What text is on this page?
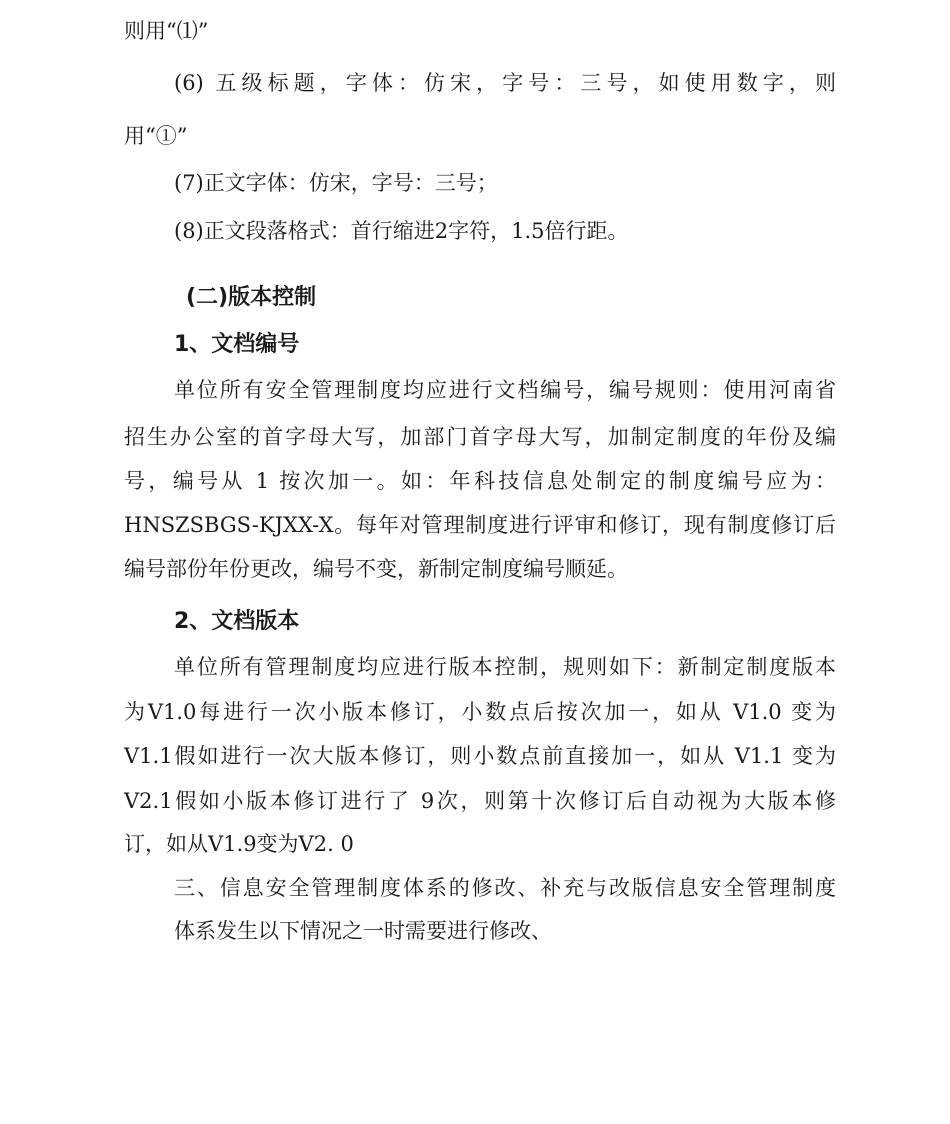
则用“⑴”
(6) 五级标题，字体：仿宋，字号：三号，如使用数字，则
用“①”
(7)正文字体：仿宋，字号：三号；
(8)正文段落格式：首行缩进2字符，1.5倍行距。
(二)版本控制
1、文档编号
单位所有安全管理制度均应进行文档编号，编号规则：使用河南省
招生办公室的首字母大写，加部门首字母大写，加制定制度的年份及编
号，编号从 1 按次加一。如：年科技信息处制定的制度编号应为：
HNSZSBGS-KJXX-X。每年对管理制度进行评审和修订，现有制度修订后
编号部份年份更改，编号不变，新制定制度编号顺延。
2、文档版本
单位所有管理制度均应进行版本控制，规则如下：新制定制度版本
为V1.0每进行一次小版本修订，小数点后按次加一，如从 V1.0 变为
V1.1假如进行一次大版本修订，则小数点前直接加一，如从 V1.1 变为
V2.1假如小版本修订进行了 9次，则第十次修订后自动视为大版本修
订，如从V1.9变为V2. 0
三、信息安全管理制度体系的修改、补充与改版信息安全管理制度
体系发生以下情况之一时需要进行修改、
